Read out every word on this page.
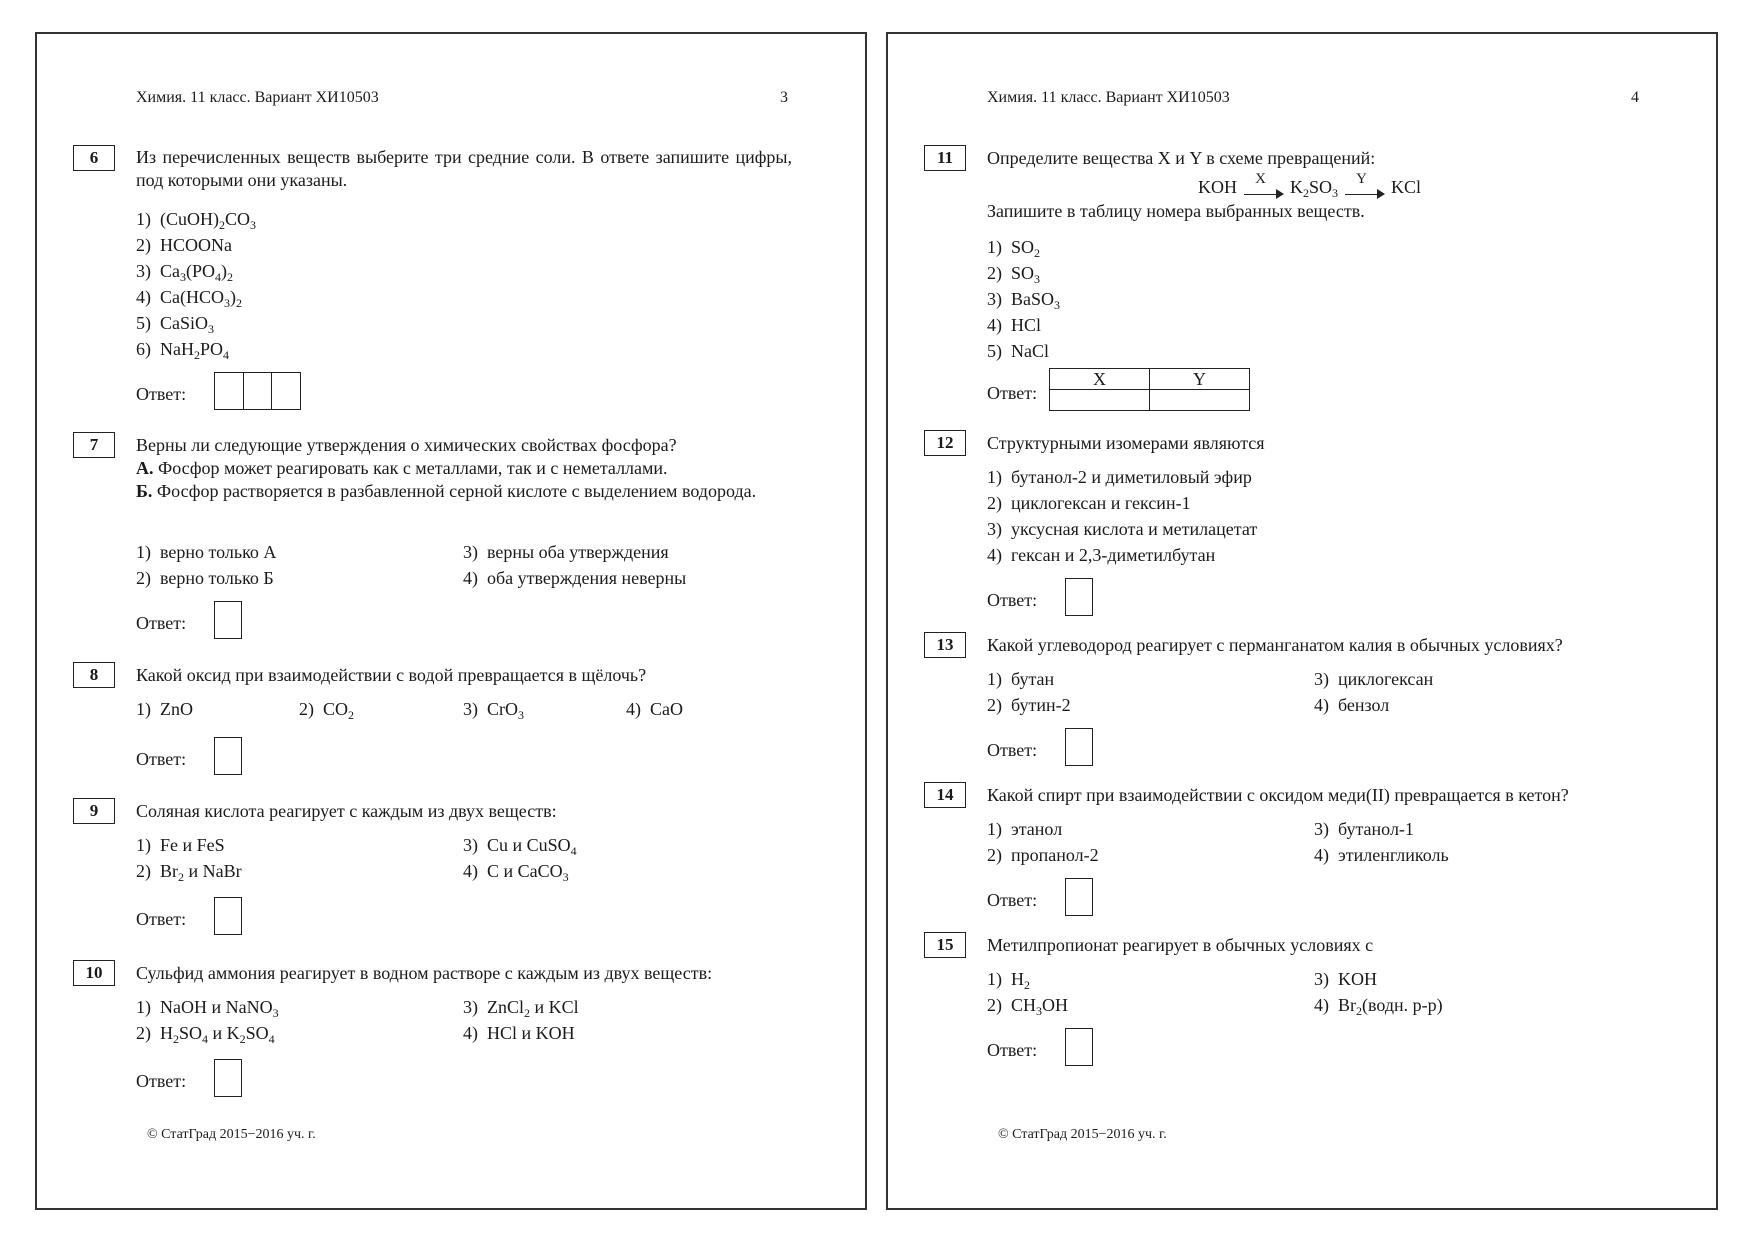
Химия. 11 класс. Вариант ХИ10503	3
6	Из перечисленных веществ выберите три средние соли. В ответе запишите цифры, под которыми они указаны.
1) $(CuOH)_2CO_3$
2) HCOONa
3) $Ca_3(PO_4)_2$
4) $Ca(HCO_3)_2$
5) CaSiO$_3$
6) $NaH_2PO_4$
Ответ:
7	Верны ли следующие утверждения о химических свойствах фосфора?
А. Фосфор может реагировать как с металлами, так и с неметаллами.
Б. Фосфор растворяется в разбавленной серной кислоте с выделением водорода.
1) верно только А
2) верно только Б
3) верны оба утверждения
4) оба утверждения неверны
Ответ:
8	Какой оксид при взаимодействии с водой превращается в щёлочь?
1) ZnO	2) $CO_2$	3) CrO$_3$	4) CaO
Ответ:
9	Соляная кислота реагирует с каждым из двух веществ:
1) Fe и FeS
2) $Br_2$ и NaBr
3) Cu и CuSO$_4$
4) C и CaCO$_3$
Ответ:
10	Сульфид аммония реагирует в водном растворе с каждым из двух веществ:
1) NaOH и NaNO$_3$
2) $H_2SO_4$ и $K_2SO_4$
3) ZnCl$_2$ и KCl
4) HCl и KOH
Ответ:
© СтатГрад 2015−2016 уч. г.
Химия. 11 класс. Вариант ХИ10503	4
11	Определите вещества X и Y в схеме превращений:
KOH	X	$K_2SO_3$
Y	KCl
Запишите в таблицу номера выбранных веществ.
1) $SO_2$
2) $SO_3$
3) BaSO$_3$
4) HCl
5) NaCl
Ответ:
X	Y

12	Структурными изомерами являются
1) бутанол-2 и диметиловый эфир
2) циклогексан и гексин-1
3) уксусная кислота и метилацетат
4) гексан и 2,3-диметилбутан
Ответ:
13	Какой углеводород реагирует с перманганатом калия в обычных условиях?
1) бутан
2) бутин-2
3) циклогексан
4) бензол
Ответ:
14	Какой спирт при взаимодействии с оксидом меди(II) превращается в кетон?
1) этанол
2) пропанол-2
3) бутанол-1
4) этиленгликоль
Ответ:
15	Метилпропионат реагирует в обычных условиях с
1) $H_2$
2) $CH_3OH$
3) KOH
4) $Br_2(водн$. р-р)
Ответ:
© СтатГрад 2015−2016 уч. г.
